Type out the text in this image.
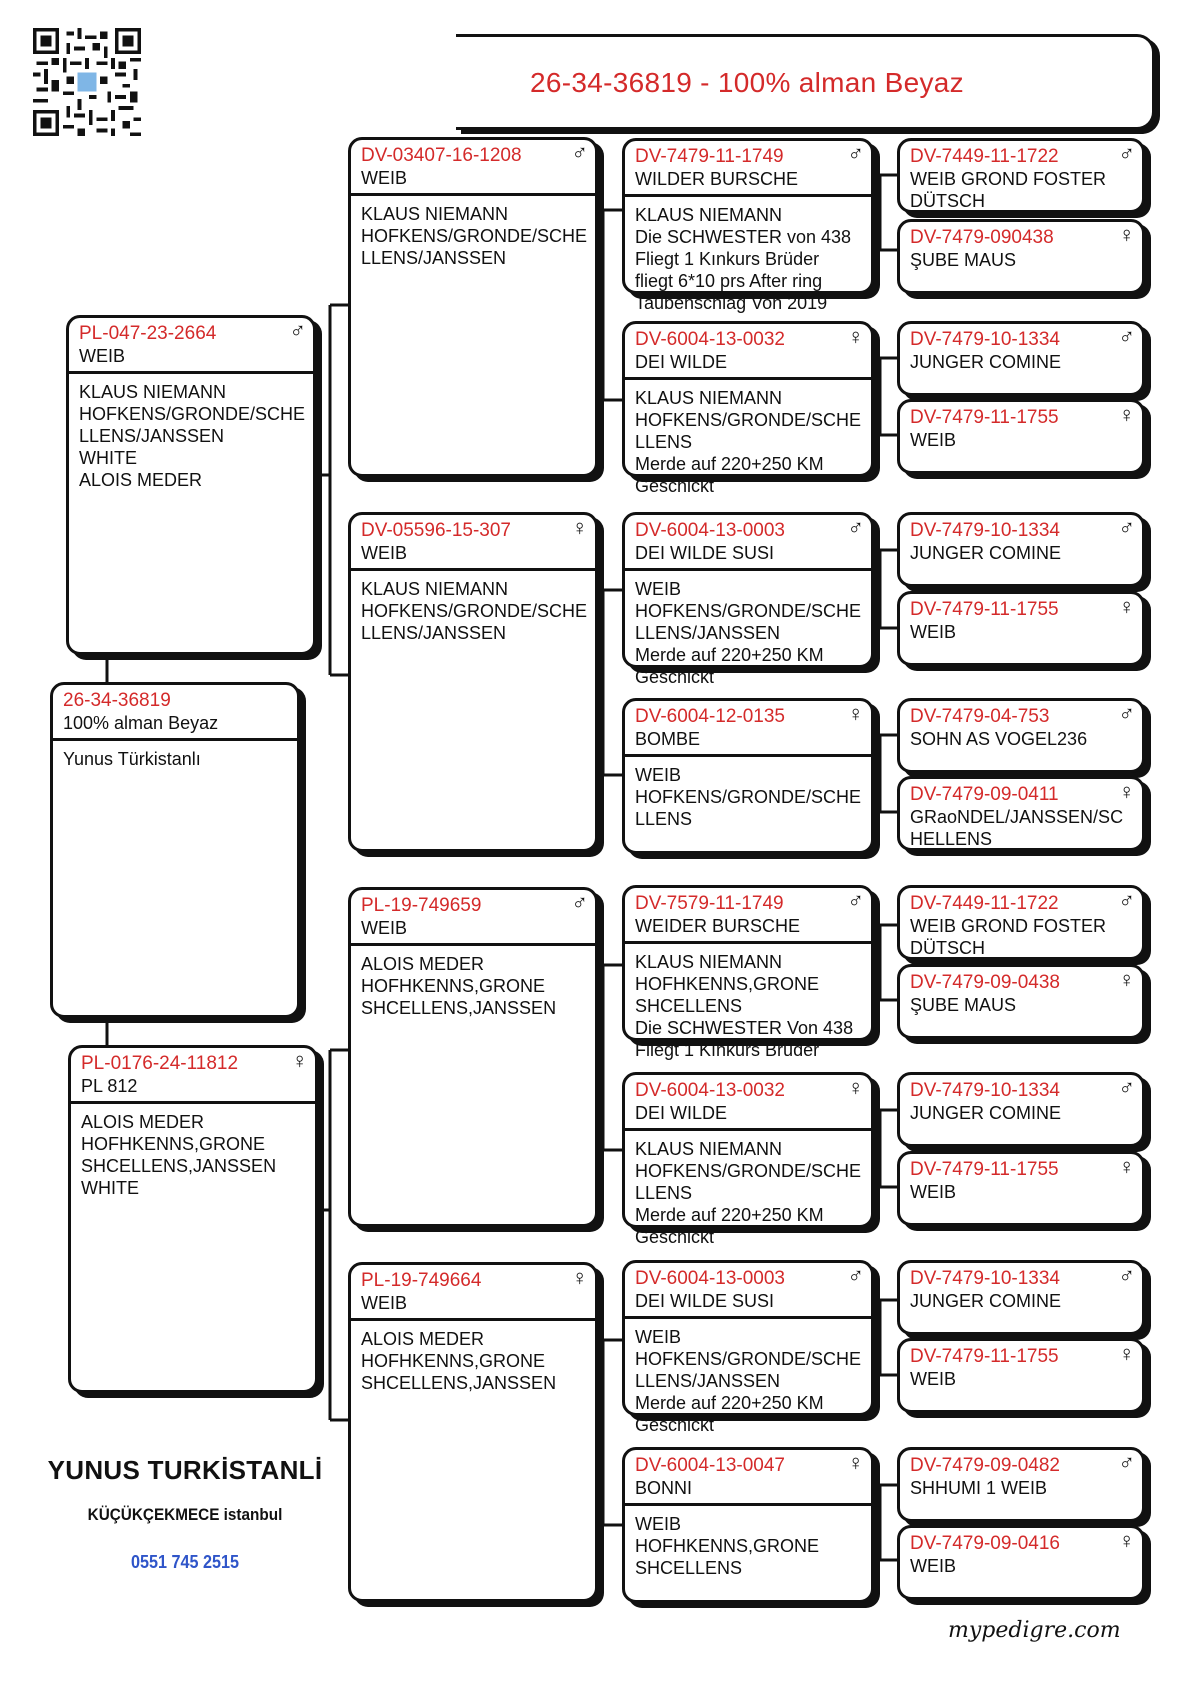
26-34-36819 - 100% alman Beyaz
PL-047-23-2664
WEIB
♂
KLAUS NIEMANN
HOFKENS/GRONDE/SCHE
LLENS/JANSSEN
WHITE
ALOIS MEDER
26-34-36819
100% alman Beyaz
Yunus Türkistanlı
PL-0176-24-11812
PL 812
♀
ALOIS MEDER
HOFHKENNS,GRONE
SHCELLENS,JANSSEN
WHITE
DV-03407-16-1208
WEIB
♂
KLAUS NIEMANN
HOFKENS/GRONDE/SCHE
LLENS/JANSSEN
DV-05596-15-307
WEIB
♀
KLAUS NIEMANN
HOFKENS/GRONDE/SCHE
LLENS/JANSSEN
PL-19-749659
WEIB
♂
ALOIS MEDER
HOFHKENNS,GRONE
SHCELLENS,JANSSEN
PL-19-749664
WEIB
♀
ALOIS MEDER
HOFHKENNS,GRONE
SHCELLENS,JANSSEN
DV-7479-11-1749
WILDER BURSCHE
♂
KLAUS NIEMANN
Die SCHWESTER von 438
Fliegt 1 Kınkurs Brüder
fliegt 6*10 prs After ring
Taubenschlag Von 2019
DV-6004-13-0032
DEI WILDE
♀
KLAUS NIEMANN
HOFKENS/GRONDE/SCHE
LLENS
Merde auf 220+250 KM
Geschickt
DV-6004-13-0003
DEI WILDE SUSI
♂
WEIB
HOFKENS/GRONDE/SCHE
LLENS/JANSSEN
Merde auf 220+250 KM
Geschickt
DV-6004-12-0135
BOMBE
♀
WEIB
HOFKENS/GRONDE/SCHE
LLENS
DV-7579-11-1749
WEIDER BURSCHE
♂
KLAUS NIEMANN
HOFHKENNS,GRONE
SHCELLENS
Die SCHWESTER Von 438
Fliegt 1 Kınkurs Brüder
DV-6004-13-0032
DEI WILDE
♀
KLAUS NIEMANN
HOFKENS/GRONDE/SCHE
LLENS
Merde auf 220+250 KM
Geschickt
DV-6004-13-0003
DEI WILDE SUSI
♂
WEIB
HOFKENS/GRONDE/SCHE
LLENS/JANSSEN
Merde auf 220+250 KM
Geschickt
DV-6004-13-0047
BONNI
♀
WEIB
HOFHKENNS,GRONE
SHCELLENS
DV-7449-11-1722
WEIB GROND FOSTER
DÜTSCH
♂
DV-7479-090438
ŞUBE MAUS
♀
DV-7479-10-1334
JUNGER COMINE
♂
DV-7479-11-1755
WEIB
♀
DV-7479-10-1334
JUNGER COMINE
♂
DV-7479-11-1755
WEIB
♀
DV-7479-04-753
SOHN AS VOGEL236
♂
DV-7479-09-0411
GRaoNDEL/JANSSEN/SC
HELLENS
♀
DV-7449-11-1722
WEIB GROND FOSTER
DÜTSCH
♂
DV-7479-09-0438
ŞUBE MAUS
♀
DV-7479-10-1334
JUNGER COMINE
♂
DV-7479-11-1755
WEIB
♀
DV-7479-10-1334
JUNGER COMINE
♂
DV-7479-11-1755
WEIB
♀
DV-7479-09-0482
SHHUMI 1 WEIB
♂
DV-7479-09-0416
WEIB
♀
YUNUS TURKİSTANLİ
KÜÇÜKÇEKMECE istanbul
0551 745 2515
mypedigre.com
